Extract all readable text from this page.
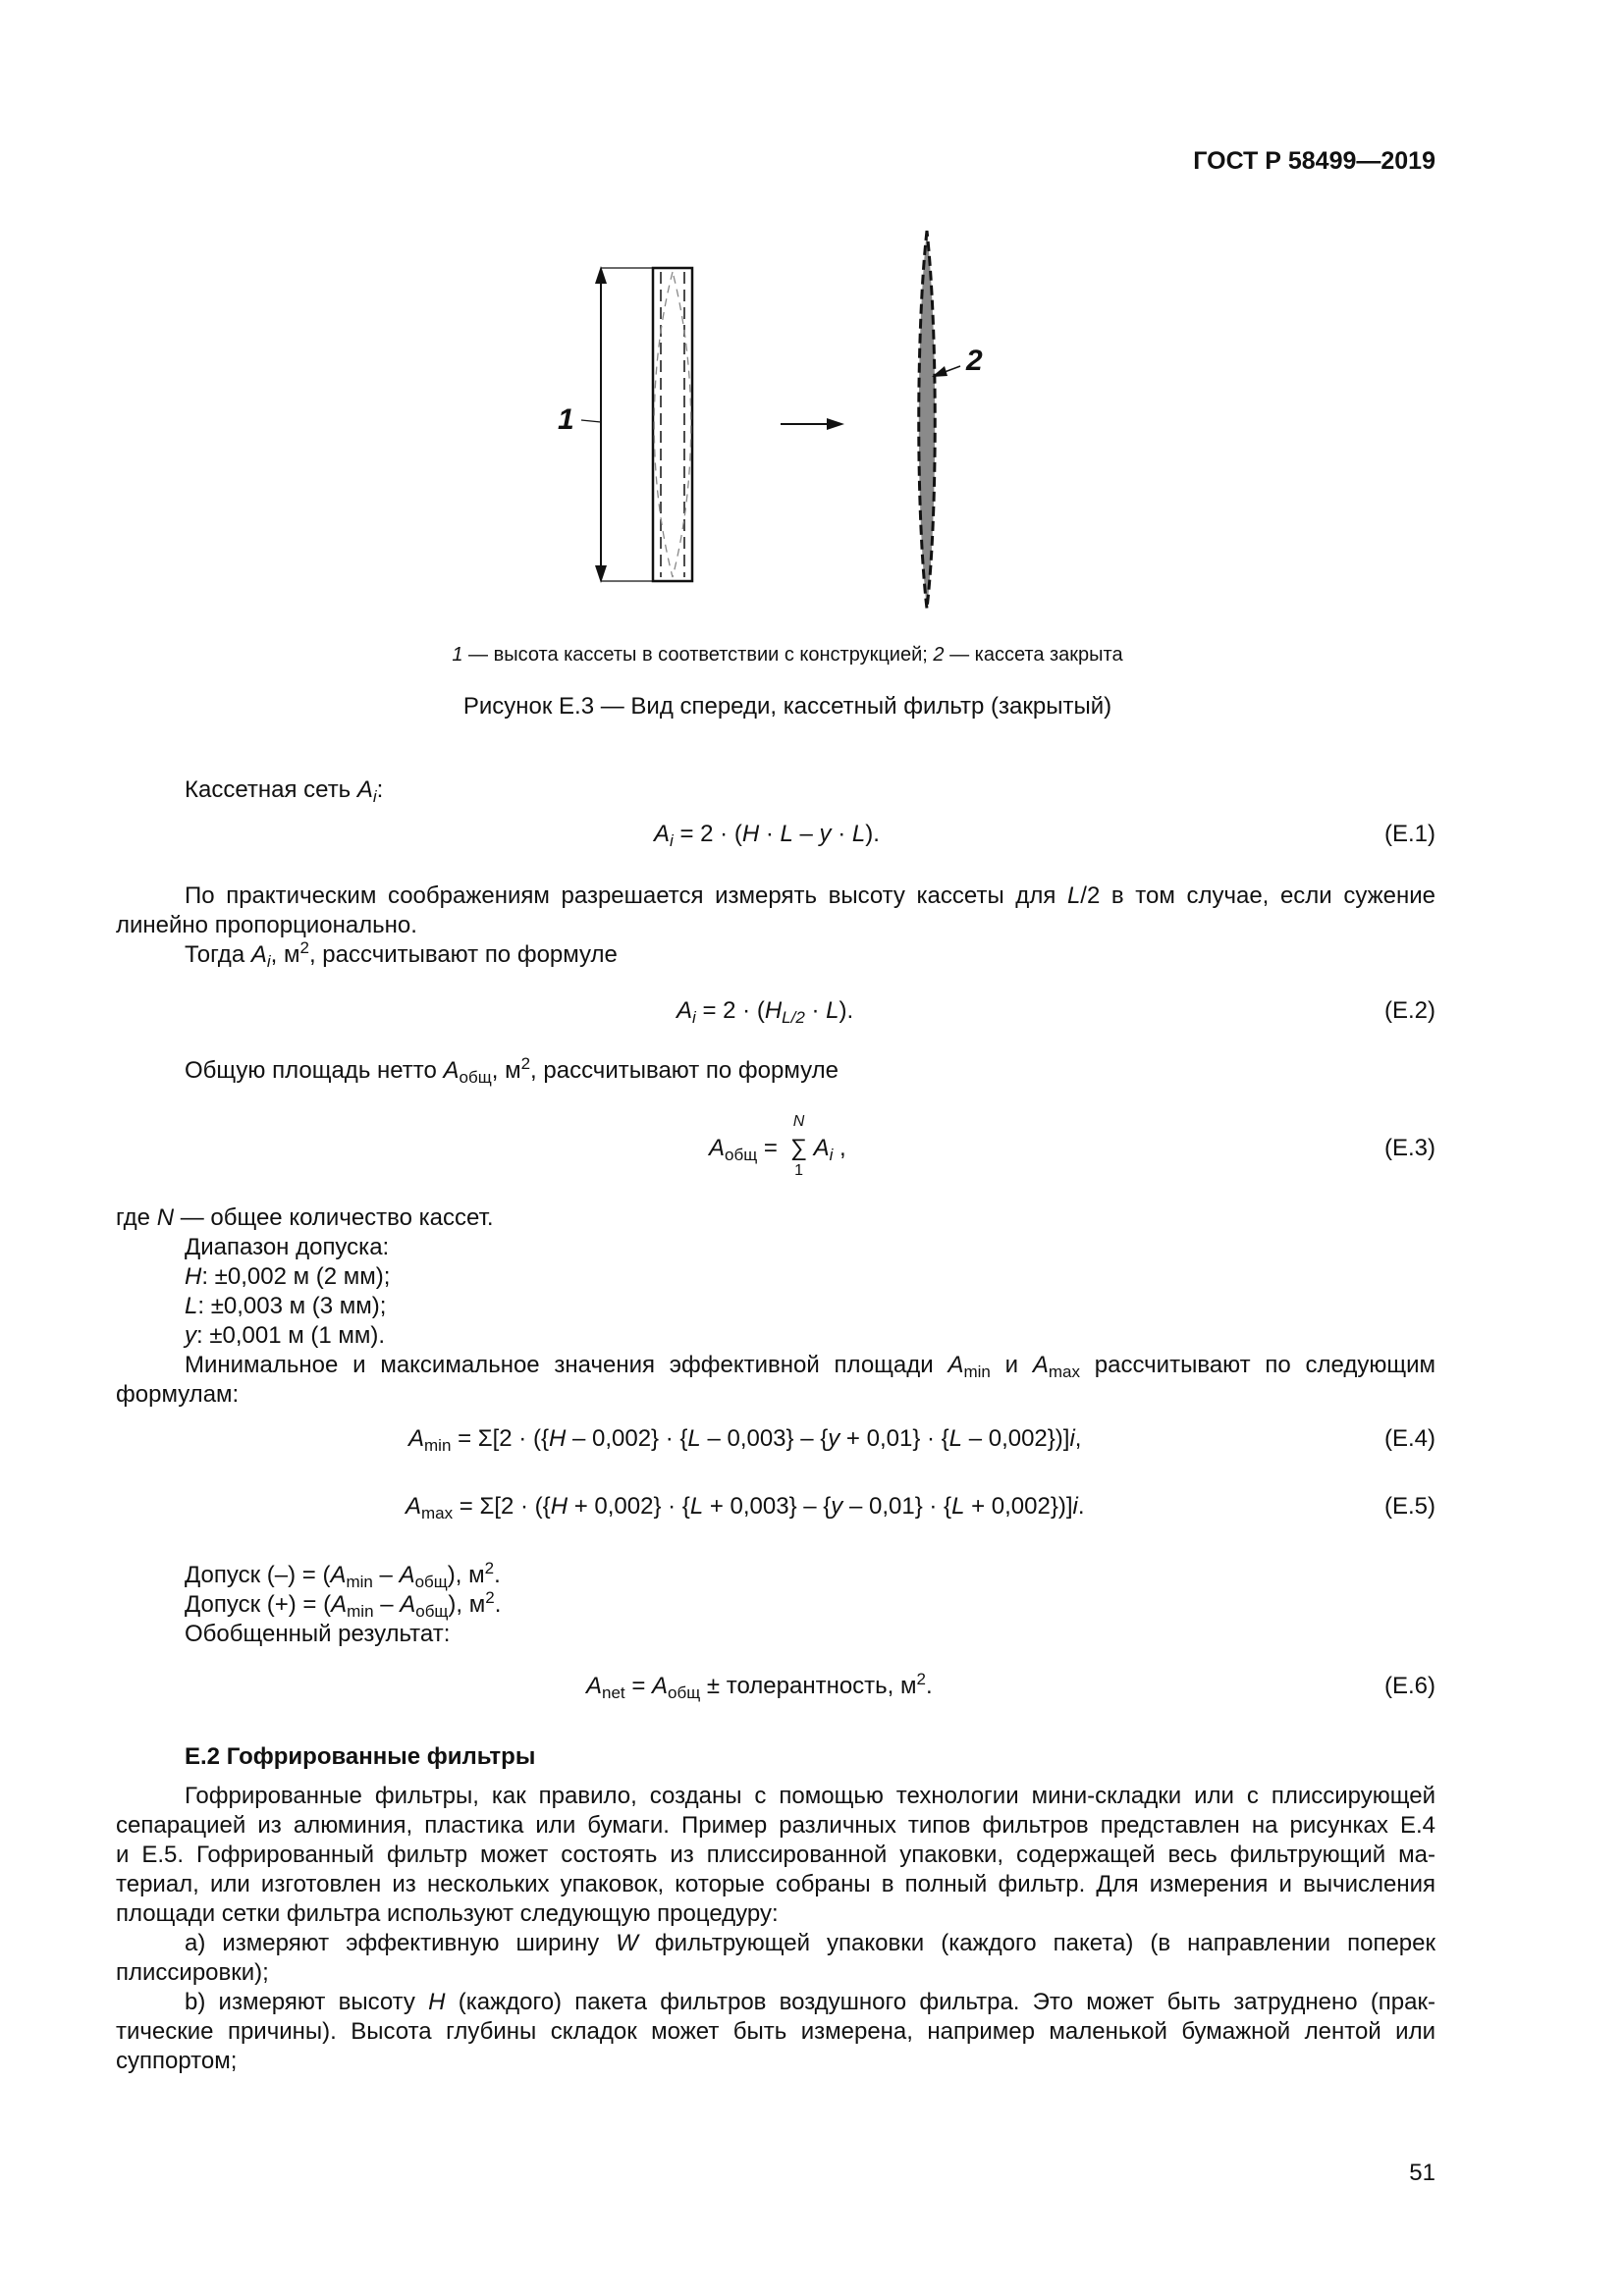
ГОСТ Р 58499—2019
1
2
1 — высота кассеты в соответствии с конструкцией; 2 — кассета закрыта
Рисунок Е.3 — Вид спереди, кассетный фильтр (закрытый)
Кассетная сеть $A_i$:
$A_i = 2 \cdot (H \cdot L - y \cdot L)$.	(Е.1)
По практическим соображениям разрешается измерять высоту кассеты для L/2 в том случае, если сужение
линейно пропорционально.
Тогда $A_i$, $м^2$, рассчитывают по формуле
$A_i = 2 \cdot (H_{L/2} \cdot L)$.	(Е.2)
Общую площадь нетто $A_{общ}$, $м^2$, рассчитывают по формуле
$A_{общ}$ =
N
∑
1
$A_i$ ,	(Е.3)
где N — общее количество кассет.
Диапазон допуска:
H: ±0,002 м (2 мм);
L: ±0,003 м (3 мм);
y: ±0,001 м (1 мм).
Минимальное и максимальное значения эффективной площади $A_{min}$ и $A_{max}$ рассчитывают по следующим
формулам:
$A_{min} = \Sigma[2 \cdot (\{H - 0,002\} \cdot \{L - 0,003\} - \{y + 0,01\} \cdot \{L - 0,002\})]i$,	(Е.4)
$A_{max} = \Sigma[2 \cdot (\{H + 0,002\} \cdot \{L + 0,003\} - \{y - 0,01\} \cdot \{L + 0,002\})]i$.	(Е.5)
Допуск (–) = $(A_{min} - A_{общ})$, $м^2$.
Допуск (+) = $(A_{min} - A_{общ})$, $м^2$.
Обобщенный результат:
$A_{net} = A_{общ}$ ± толерантность, $м^2$.	(Е.6)
Е.2 Гофрированные фильтры
Гофрированные фильтры, как правило, созданы с помощью технологии мини-складки или с плиссирующей
сепарацией из алюминия, пластика или бумаги. Пример различных типов фильтров представлен на рисунках Е.4
и Е.5. Гофрированный фильтр может состоять из плиссированной упаковки, содержащей весь фильтрующий ма-
териал, или изготовлен из нескольких упаковок, которые собраны в полный фильтр. Для измерения и вычисления
площади сетки фильтра используют следующую процедуру:
a) измеряют эффективную ширину W фильтрующей упаковки (каждого пакета) (в направлении поперек
плиссировки);
b) измеряют высоту H (каждого) пакета фильтров воздушного фильтра. Это может быть затруднено (прак-
тические причины). Высота глубины складок может быть измерена, например маленькой бумажной лентой или
суппортом;
51
